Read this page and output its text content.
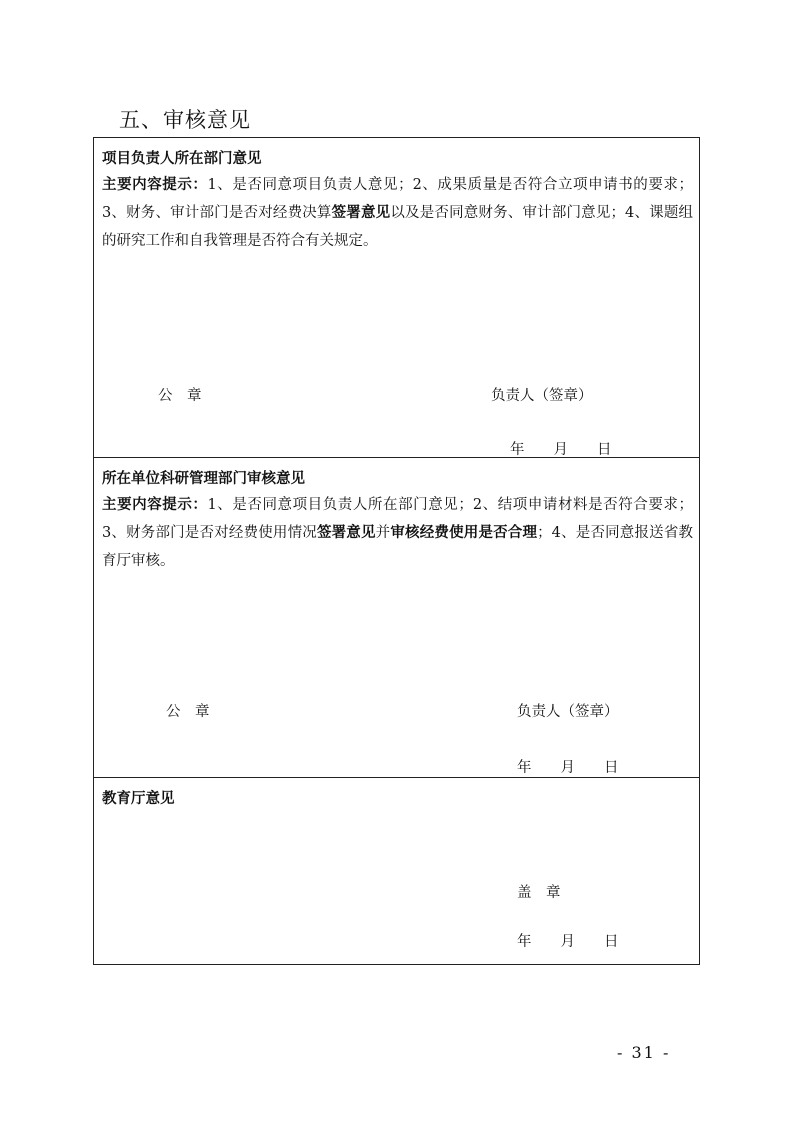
五、审核意见
项目负责人所在部门意见
主要内容提示：1、是否同意项目负责人意见；2、成果质量是否符合立项申请书的要求；3、财务、审计部门是否对经费决算签署意见以及是否同意财务、审计部门意见；4、课题组的研究工作和自我管理是否符合有关规定。
公　章	负责人（签章）
年　　月　　日
所在单位科研管理部门审核意见
主要内容提示：1、是否同意项目负责人所在部门意见；2、结项申请材料是否符合要求；3、财务部门是否对经费使用情况签署意见并审核经费使用是否合理；4、是否同意报送省教育厅审核。
公　章	负责人（签章）
年　　月　　日
教育厅意见
盖　章
年　　月　　日
- 31 -
